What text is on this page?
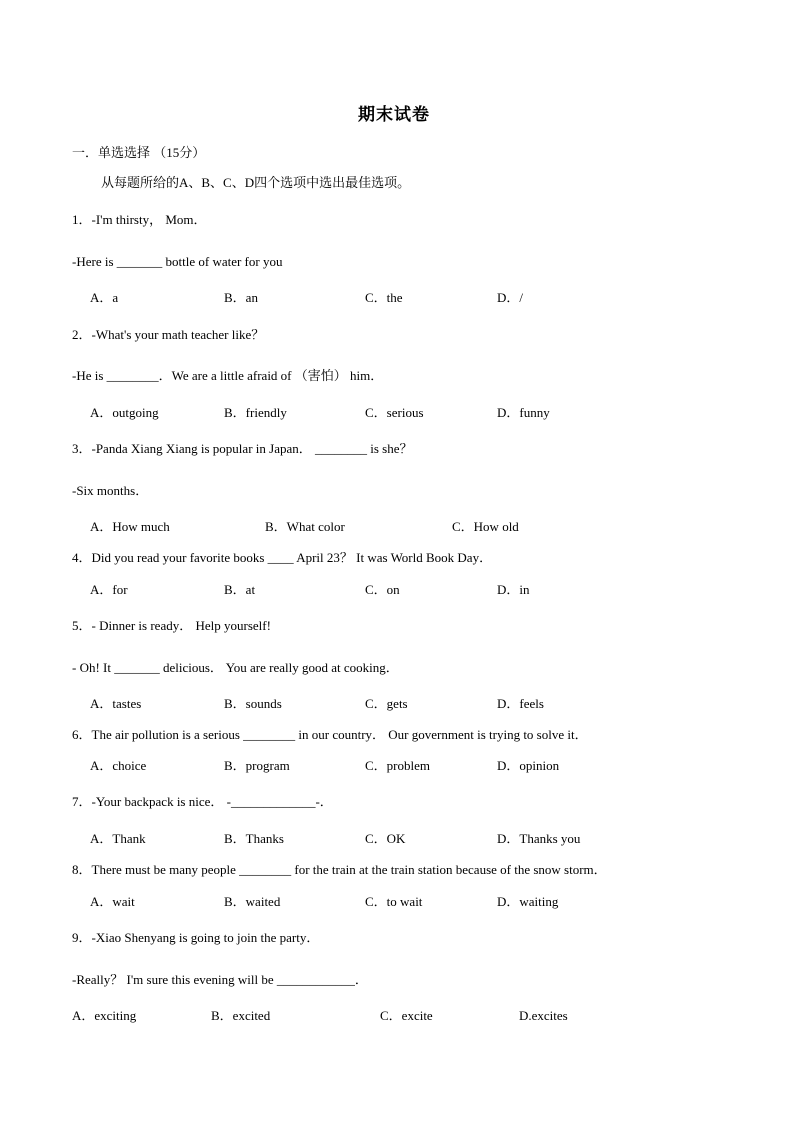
期末试卷
一．单选选择 （15分）
从每题所给的A、B、C、D四个选项中选出最佳选项。
1．-I'm thirsty， Mom．
-Here is _______ bottle of water for you
A．a	B．an	C．the	D．/
2．-What's your math teacher like？
-He is ________．We are a little afraid of （害怕） him．
A．outgoing	B．friendly	C．serious	D．funny
3．-Panda Xiang Xiang is popular in Japan． ________ is she？
-Six months．
A．How much	B．What color	C．How old
4．Did you read your favorite books ____ April 23？ It was World Book Day．
A．for	B．at	C．on	D．in
5．- Dinner is ready． Help yourself!
- Oh! It _______ delicious． You are really good at cooking．
A．tastes	B．sounds	C．gets	D．feels
6．The air pollution is a serious ________ in our country． Our government is trying to solve it．
A．choice	B．program	C．problem	D．opinion
7．-Your backpack is nice． -_____________-．
A．Thank	B．Thanks	C．OK	D．Thanks you
8．There must be many people ________ for the train at the train station because of the snow storm．
A．wait	B．waited	C．to wait	D．waiting
9．-Xiao Shenyang is going to join the party．
-Really？ I'm sure this evening will be ____________．
A．exciting	B．excited	C．excite	D.excites
